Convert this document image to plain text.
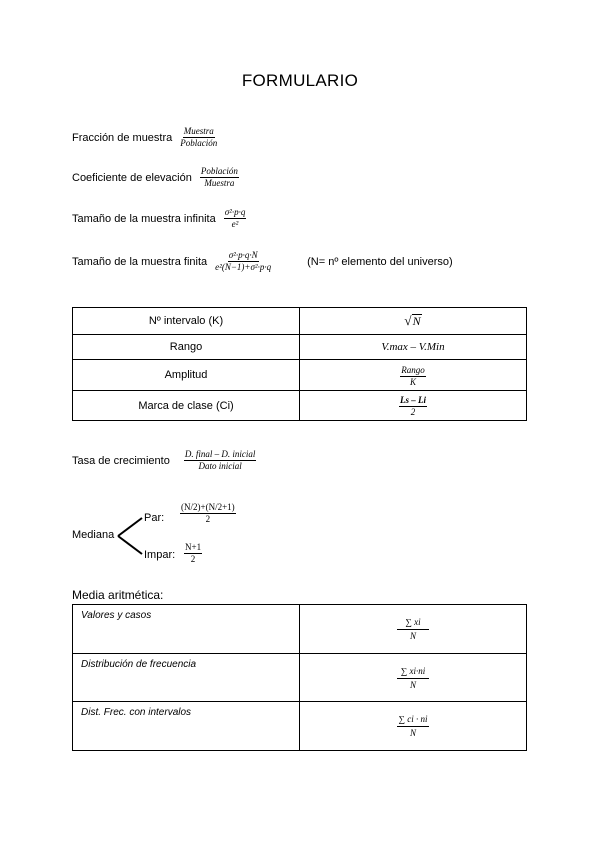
FORMULARIO
Fracción de muestra $\frac{\text{Muestra}}{\text{Población}}$
Coeficiente de elevación $\frac{\text{Población}}{\text{Muestra}}$
Tamaño de la muestra infinita $\frac{\text{σ²·p·q}}{\text{e²}}$
Tamaño de la muestra finita $\frac{\text{σ²·p·q·N}}{\text{e²(N−1)+σ²·p·q}}$	(N= nº elemento del universo)
Nº intervalo (K)	√ N

Rango	V.max – V.Min
Amplitud	$\frac{\text{Rango}}{K}$

Marca de clase (Ci)	$\frac{Ls - Li}{2}$
Tasa de crecimiento $\frac{\text{D. final – D. inicial}}{\text{Dato inicial}}$
Mediana
Par: $\frac{(N/2)+(N/2+1)}{2}$
Impar: $\frac{N+1}{2}$
Media aritmética:
Valores y casos	$\frac{\sum xi}{N}$

Distribución de frecuencia	$\frac{\sum xi\cdot ni}{N}$

Dist. Frec. con intervalos	$\frac{\sum ci \cdot ni}{N}$
